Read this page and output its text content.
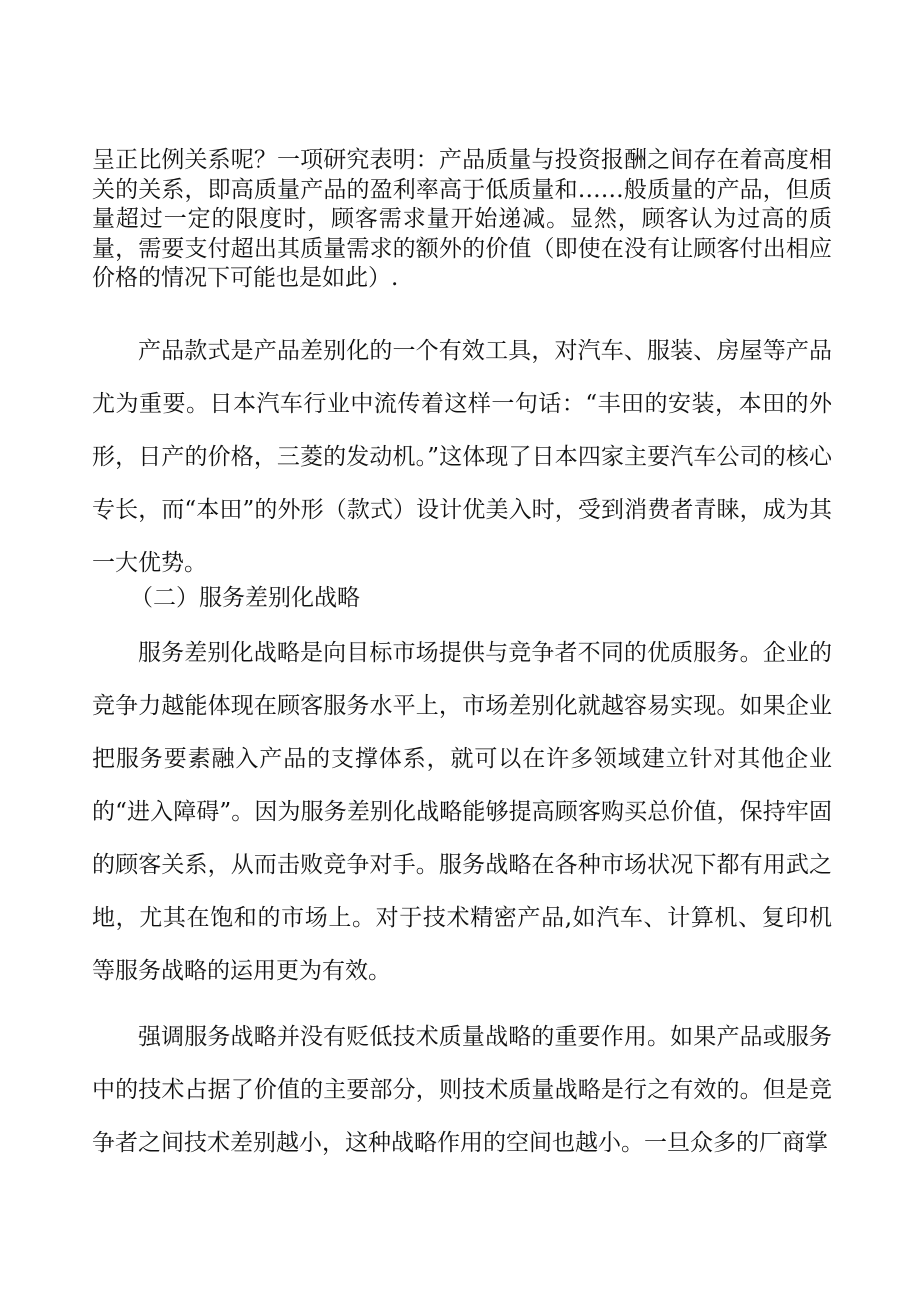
呈正比例关系呢？一项研究表明：产品质量与投资报酬之间存在着高度相关的关系，即高质量产品的盈利率高于低质量和……般质量的产品，但质量超过一定的限度时，顾客需求量开始递减。显然，顾客认为过高的质量，需要支付超出其质量需求的额外的价值（即使在没有让顾客付出相应价格的情况下可能也是如此）.

产品款式是产品差别化的一个有效工具，对汽车、服装、房屋等产品尤为重要。日本汽车行业中流传着这样一句话：“丰田的安装，本田的外形，日产的价格，三菱的发动机。”这体现了日本四家主要汽车公司的核心专长，而“本田”的外形（款式）设计优美入时，受到消费者青睐，成为其一大优势。

（二）服务差别化战略

服务差别化战略是向目标市场提供与竞争者不同的优质服务。企业的竞争力越能体现在顾客服务水平上，市场差别化就越容易实现。如果企业把服务要素融入产品的支撑体系，就可以在许多领域建立针对其他企业的“进入障碍”。因为服务差别化战略能够提高顾客购买总价值，保持牢固的顾客关系，从而击败竞争对手。服务战略在各种市场状况下都有用武之地，尤其在饱和的市场上。对于技术精密产品,如汽车、计算机、复印机等服务战略的运用更为有效。

强调服务战略并没有贬低技术质量战略的重要作用。如果产品或服务中的技术占据了价值的主要部分，则技术质量战略是行之有效的。但是竞争者之间技术差别越小，这种战略作用的空间也越小。一旦众多的厂商掌
